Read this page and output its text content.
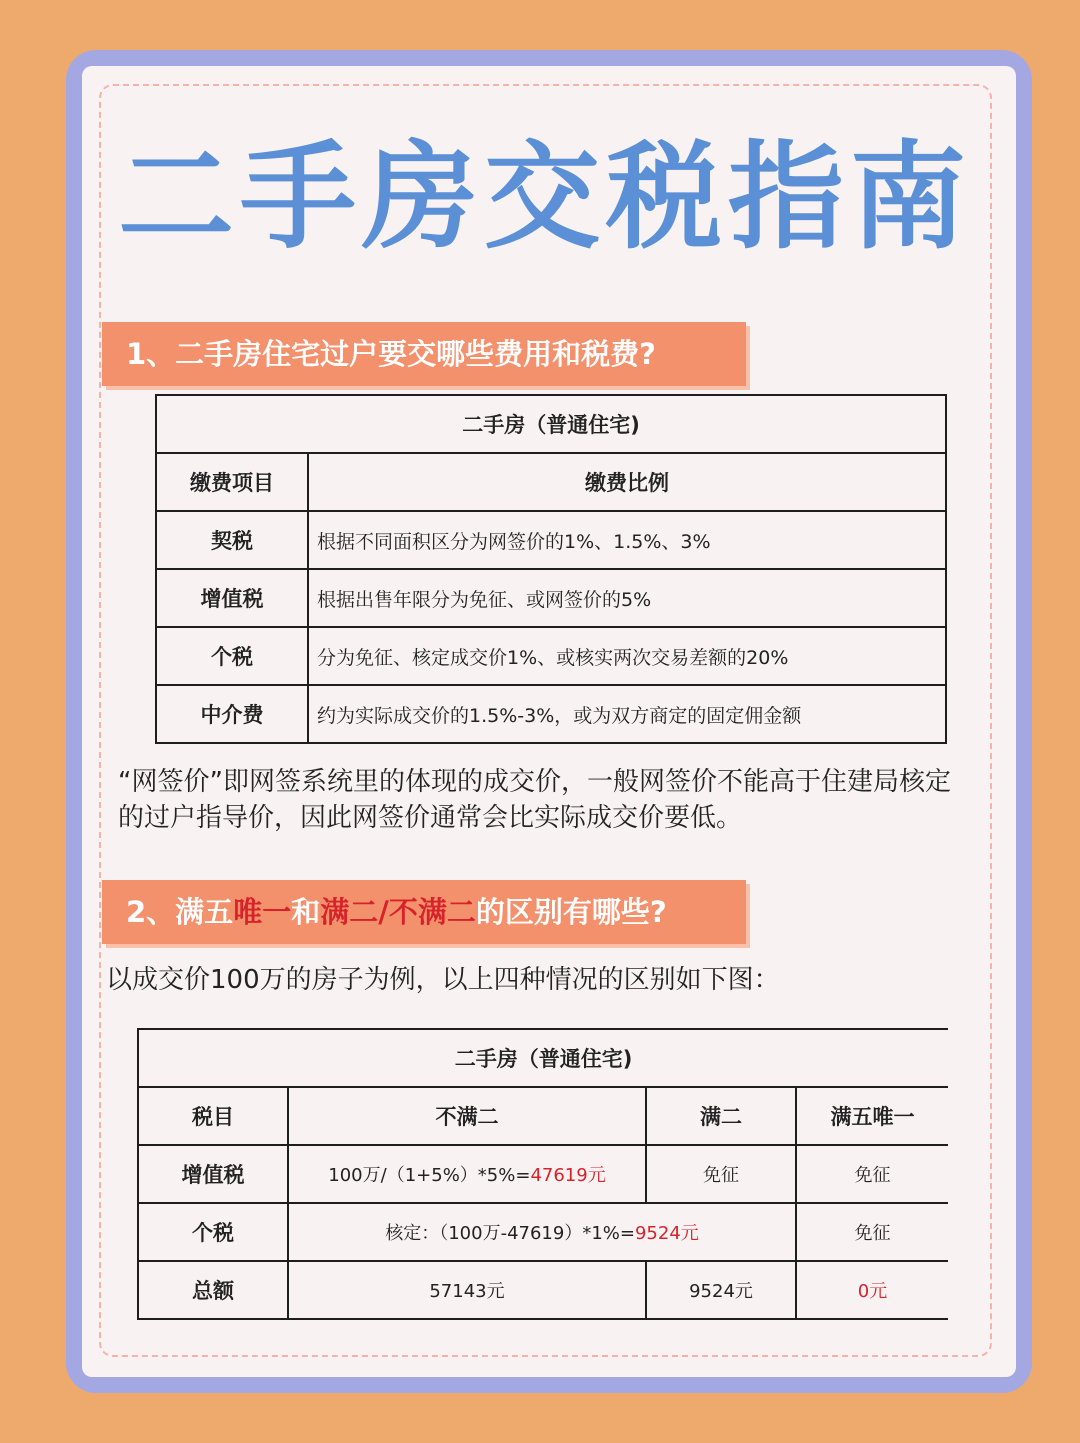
二手房交税指南
1、二手房住宅过户要交哪些费用和税费?
二手房（普通住宅)	
缴费项目	缴费比例
契税	根据不同面积区分为网签价的1%、1.5%、3%
增值税	根据出售年限分为免征、或网签价的5%
个税	分为免征、核定成交价1%、或核实两次交易差额的20%
中介费	约为实际成交价的1.5%-3%，或为双方商定的固定佣金额
“网签价”即网签系统里的体现的成交价，一般网签价不能高于住建局核定的过户指导价，因此网签价通常会比实际成交价要低。
2、满五唯一和满二/不满二的区别有哪些?
以成交价100万的房子为例，以上四种情况的区别如下图：
二手房（普通住宅)			
税目	不满二	满二	满五唯一
增值税	100万/（1+5%）*5%=47619元	免征	免征
个税	核定：（100万-47619）*1%=9524元		免征
总额	57143元	9524元	0元
